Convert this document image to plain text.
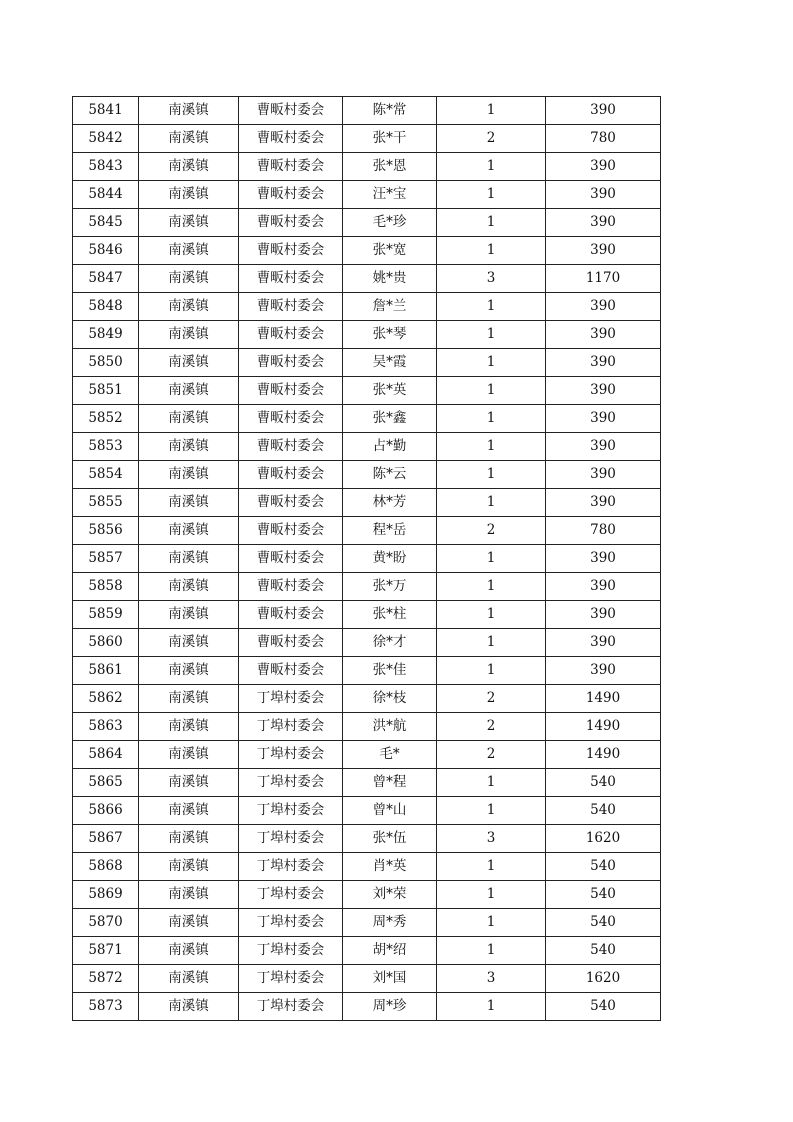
5841	南溪镇	曹畈村委会	陈*常	1	390
5842	南溪镇	曹畈村委会	张*干	2	780
5843	南溪镇	曹畈村委会	张*恩	1	390
5844	南溪镇	曹畈村委会	汪*宝	1	390
5845	南溪镇	曹畈村委会	毛*珍	1	390
5846	南溪镇	曹畈村委会	张*宽	1	390
5847	南溪镇	曹畈村委会	姚*贵	3	1170
5848	南溪镇	曹畈村委会	詹*兰	1	390
5849	南溪镇	曹畈村委会	张*琴	1	390
5850	南溪镇	曹畈村委会	吴*霞	1	390
5851	南溪镇	曹畈村委会	张*英	1	390
5852	南溪镇	曹畈村委会	张*鑫	1	390
5853	南溪镇	曹畈村委会	占*勤	1	390
5854	南溪镇	曹畈村委会	陈*云	1	390
5855	南溪镇	曹畈村委会	林*芳	1	390
5856	南溪镇	曹畈村委会	程*岳	2	780
5857	南溪镇	曹畈村委会	黄*盼	1	390
5858	南溪镇	曹畈村委会	张*万	1	390
5859	南溪镇	曹畈村委会	张*柱	1	390
5860	南溪镇	曹畈村委会	徐*才	1	390
5861	南溪镇	曹畈村委会	张*佳	1	390
5862	南溪镇	丁埠村委会	徐*枝	2	1490
5863	南溪镇	丁埠村委会	洪*航	2	1490
5864	南溪镇	丁埠村委会	毛*	2	1490
5865	南溪镇	丁埠村委会	曾*程	1	540
5866	南溪镇	丁埠村委会	曾*山	1	540
5867	南溪镇	丁埠村委会	张*伍	3	1620
5868	南溪镇	丁埠村委会	肖*英	1	540
5869	南溪镇	丁埠村委会	刘*荣	1	540
5870	南溪镇	丁埠村委会	周*秀	1	540
5871	南溪镇	丁埠村委会	胡*绍	1	540
5872	南溪镇	丁埠村委会	刘*国	3	1620
5873	南溪镇	丁埠村委会	周*珍	1	540
